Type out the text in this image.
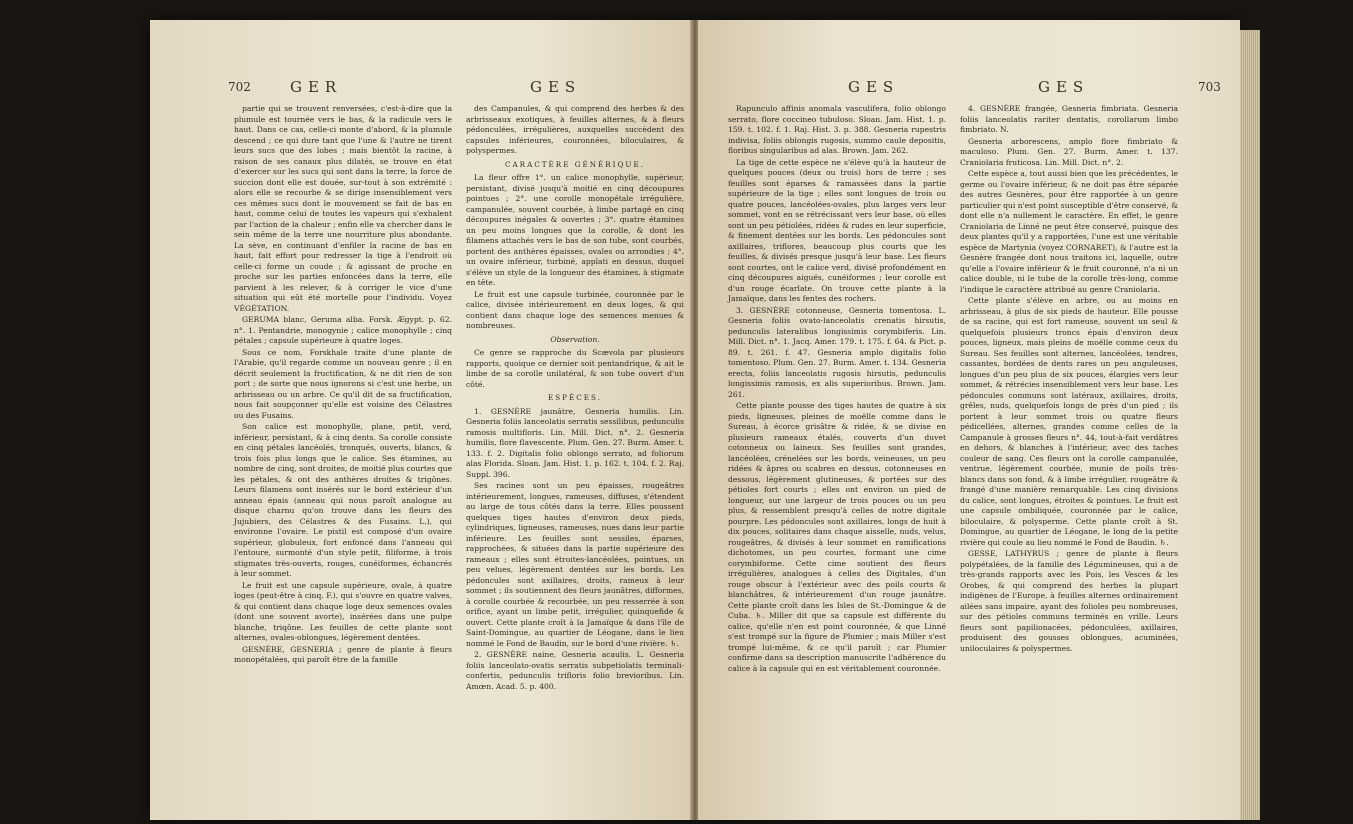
702	GER	GES

partie qui se trouvent renversées, c'est-à-dire que la plumule est tournée vers le bas, & la radicule vers le haut. Dans ce cas, celle-ci monte d'abord, & la plumule descend ; ce qui dure tant que l'une & l'autre ne tirent leurs sucs que des lobes ; mais bientôt la racine, à raison de ses canaux plus dilatés, se trouve en état d'exercer sur les sucs qui sont dans la terre, la force de succion dont elle est douée, sur-tout à son extrémité : alors elle se recourbe & se dirige insensiblement vers ces mêmes sucs dont le mouvement se fait de bas en haut, comme celui de toutes les vapeurs qui s'exhalent par l'action de la chaleur ; enfin elle va chercher dans le sein même de la terre une nourriture plus abondante. La sève, en continuant d'enfiler la racine de bas en haut, fait effort pour redresser la tige à l'endroit où celle-ci forme un coude ; & agissant de proche en proche sur les parties enfoncées dans la terre, elle parvient à les relever, & à corriger le vice d'une situation qui eût été mortelle pour l'individu. Voyez VÉGÉTATION.

GERUMA blanc, Geruma alba. Forsk. Ægypt. p. 62. n°. 1. Pentandrie, monogynie ; calice monophylle ; cinq pétales ; capsule supérieure à quatre loges.

Sous ce nom, Forskhale traite d'une plante de l'Arabie, qu'il regarde comme un nouveau genre ; il en décrit seulement la fructification, & ne dit rien de son port ; de sorte que nous ignorons si c'est une herbe, un arbrisseau ou un arbre. Ce qu'il dit de sa fructification, nous fait soupçonner qu'elle est voisine des Célastres ou des Fusains.

Son calice est monophylle, plane, petit, verd, inférieur, persistant, & à cinq dents. Sa corolle consiste en cinq pétales lancéolés, tronqués, ouverts, blancs, & trois fois plus longs que le calice. Ses étamines, au nombre de cinq, sont droites, de moitié plus courtes que les pétales, & ont des anthères droites & trigônes. Leurs filamens sont insérés sur le bord extérieur d'un anneau épais (anneau qui nous paroît analogue au disque charnu qu'on trouve dans les fleurs des Jujubiers, des Célastres & des Fusains. L.), qui environne l'ovaire. Le pistil est composé d'un ovaire supérieur, globuleux, fort enfoncé dans l'anneau qui l'entoure, surmonté d'un style petit, filiforme, à trois stigmates très-ouverts, rouges, cunéiformes, échancrés à leur sommet.

Le fruit est une capsule supérieure, ovale, à quatre loges (peut-être à cinq. F.), qui s'ouvre en quatre valves, & qui contient dans chaque loge deux semences ovales (dont une souvent avorte), insérées dans une pulpe blanche, triqône. Les feuilles de cette plante sont alternes, ovales-oblongues, légèrement dentées.

GESNÈRE, GESNERIA ; genre de plante à fleurs monopétalées, qui paroît être de la famille

des Campanules, & qui comprend des herbes & des arbrisseaux exotiques, à feuilles alternes, & à fleurs pédonculées, irrégulières, auxquelles succèdent des capsules inférieures, couronnées, biloculaires, & polyspermes.

CARACTÈRE GÉNÉRIQUE.

La fleur offre 1°. un calice monophylle, supérieur, persistant, divisé jusqu'à moitié en cinq découpures pointues ; 2°. une corolle monopétale irrégulière, campanulée, souvent courbée, à limbe partagé en cinq découpures inégales & ouvertes ; 3°. quatre étamines un peu moins longues que la corolle, & dont les filamens attachés vers le bas de son tube, sont courbés, portent des anthères épaisses, ovales ou arrondies ; 4°. un ovaire inférieur, turbiné, applati en dessus, duquel s'élève un style de la longueur des étamines, à stigmate en tête.

Le fruit est une capsule turbinée, couronnée par le calice, divisée intérieurement en deux loges, & qui contient dans chaque loge des semences menues & nombreuses.

Observation.

Ce genre se rapproche du Scævola par plusieurs rapports, quoique ce dernier soit pentandrique, & ait le limbe de sa corolle unilatéral, & son tube ouvert d'un côté.

ESPÈCES.

1. GESNÈRE jaunâtre, Gesneria humilis. Lin. Gesneria foliis lanceolatis serratis sessilibus, pedunculis ramosis multifloris. Lin. Mill. Dict. n°. 2. Gesneria humilis, flore flavescente. Plum. Gen. 27. Burm. Amer. t. 133. f. 2. Digitalis folio oblongo serrato, ad foliorum alas Florida. Sloan. Jam. Hist. 1. p. 162. t. 104. f. 2. Raj. Suppl. 396.

Ses racines sont un peu épaisses, rougeâtres intérieurement, longues, rameuses, diffuses, s'étendent au large de tous côtés dans la terre. Elles poussent quelques tiges hautes d'environ deux pieds, cylindriques, ligneuses, rameuses, nues dans leur partie inférieure. Les feuilles sont sessiles, éparses, rapprochées, & situées dans la partie supérieure des rameaux ; elles sont étroites-lancéolées, pointues, un peu velues, légèrement dentées sur les bords. Les pédoncules sont axillaires, droits, rameux à leur sommet ; ils soutiennent des fleurs jaunâtres, difformes, à corolle courbée & recourbée, un peu resserrée à son orifice, ayant un limbe petit, irrégulier, quinquefide & ouvert. Cette plante croît à la Jamaïque & dans l'île de Saint-Domingue, au quartier de Léogane, dans le lieu nommé le Fond de Baudin, sur le bord d'une rivière. ♄.

2. GESNÈRE naine, Gesneria acaulis. L. Gesneria foliis lanceolato-ovatis serratis subpetiolatis terminali-confertis, pedunculis trifloris folio brevioribus. Lin. Amœn. Acad. 5. p. 400.

GES	GES	703

Rapunculo affinis anomala vasculifera, folio oblongo serrato, flore coccineo tubuloso. Sloan. Jam. Hist. 1. p. 159. t. 102. f. 1. Raj. Hist. 3. p. 388. Gesneria rupestris indivisa, foliis oblongis rugosis, summo caule depositis, floribus singularibus ad alas. Brown. Jam. 262.

La tige de cette espèce ne s'élève qu'à la hauteur de quelques pouces (deux ou trois) hors de terre ; ses feuilles sont éparses & ramassées dans la partie supérieure de la tige ; elles sont longues de trois ou quatre pouces, lancéolées-ovales, plus larges vers leur sommet, vont en se rétrécissant vers leur base, où elles sont un peu pétiolées, ridées & rudes en leur superficie, & finement dentées sur les bords. Les pédoncules sont axillaires, triflores, beaucoup plus courts que les feuilles, & divisés presque jusqu'à leur base. Les fleurs sont courtes, ont le calice verd, divisé profondément en cinq découpures aiguës, cunéiformes ; leur corolle est d'un rouge écarlate. On trouve cette plante à la Jamaïque, dans les fentes des rochers.

3. GESNÈRE cotonneuse, Gesneria tomentosa. L. Gesneria foliis ovato-lanceolatis crenatis hirsutis, pedunculis lateralibus longissimis corymbiferis. Lin. Mill. Dict. n°. 1. Jacq. Amer. 179. t. 175. f. 64. & Pict. p. 89. t. 261. f. 47. Gesneria amplo digitalis folio tomentoso. Plum. Gen. 27. Burm. Amer. t. 134. Gesneria erecta, foliis lanceolatis rugosis hirsutis, pedunculis longissimis ramosis, ex alis superioribus. Brown. Jam. 261.

Cette plante pousse des tiges hautes de quatre à six pieds, ligneuses, pleines de moëlle comme dans le Sureau, à écorce grisâtre & ridée, & se divise en plusieurs rameaux étalés, couverts d'un duvet cotonneux ou laineux. Ses feuilles sont grandes, lancéolées, crénelées sur les bords, veineuses, un peu ridées & âpres ou scabres en dessus, cotonneuses en dessous, légèrement glutineuses, & portées sur des pétioles fort courts ; elles ont environ un pied de longueur, sur une largeur de trois pouces ou un peu plus, & ressemblent presqu'à celles de notre digitale pourpre. Les pédoncules sont axillaires, longs de huit à dix pouces, solitaires dans chaque aisselle, nuds, velus, rougeâtres, & divisés à leur sommet en ramifications dichotomes, un peu courtes, formant une cime corymbiforme. Cette cime soutient des fleurs irrégulières, analogues à celles des Digitales, d'un rouge obscur à l'extérieur avec des poils courts & blanchâtres, & intérieurement d'un rouge jaunâtre. Cette plante croît dans les Isles de St.-Domingue & de Cuba. ♄. Miller dit que sa capsule est différente du calice, qu'elle n'en est point couronnée, & que Linné s'est trompé sur la figure de Plumier ; mais Miller s'est trompé lui-même, & ce qu'il paroît ; car Plumier confirme dans sa description manuscrite l'adhérence du calice à la capsule qui en est véritablement couronnée.

4. GESNÈRE frangée, Gesneria fimbriata. Gesneria foliis lanceolatis rariter dentatis, corollarum limbo fimbriato. N.

Gesneria arborescens, amplo flore fimbriato & maculoso. Plum. Gen. 27. Burm. Amer. t. 137. Craniolaria fruticosa. Lin. Mill. Dict. n°. 2.

Cette espèce a, tout aussi bien que les précédentes, le germe ou l'ovaire inférieur, & ne doit pas être séparée des autres Gesnères, pour être rapportée à un genre particulier qui n'est point susceptible d'être conservé, & dont elle n'a nullement le caractère. En effet, le genre Craniolaria de Linné ne peut être conservé, puisque des deux plantes qu'il y a rapportées, l'une est une véritable espèce de Martynia (voyez CORNARET), & l'autre est la Gesnère frangée dont nous traitons ici, laquelle, outre qu'elle a l'ovaire inférieur & le fruit couronné, n'a ni un calice double, ni le tube de la corolle très-long, comme l'indique le caractère attribué au genre Craniolaria.

Cette plante s'élève en arbre, ou au moins en arbrisseau, à plus de six pieds de hauteur. Elle pousse de sa racine, qui est fort rameuse, souvent un seul & quelquefois plusieurs troncs épais d'environ deux pouces, ligneux, mais pleins de moëlle comme ceux du Sureau. Ses feuilles sont alternes, lancéolées, tendres, cassantes, bordées de dents rares un peu anguleuses, longues d'un peu plus de six pouces, élargies vers leur sommet, & rétrécies insensiblement vers leur base. Les pédoncules communs sont latéraux, axillaires, droits, grêles, nuds, quelquefois longs de près d'un pied ; ils portent à leur sommet trois ou quatre fleurs pédicellées, alternes, grandes comme celles de la Campanule à grosses fleurs n°. 44, tout-à-fait verdâtres en dehors, & blanches à l'intérieur, avec des taches couleur de sang. Ces fleurs ont la corolle campanulée, ventrue, légèrement courbée, munie de poils très-blancs dans son fond, & à limbe irrégulier, rougeâtre & frangé d'une manière remarquable. Les cinq divisions du calice, sont longues, étroites & pointues. Le fruit est une capsule ombiliquée, couronnée par le calice, biloculaire, & polysperme. Cette plante croît à St. Domingue, au quartier de Léogane, le long de la petite rivière qui coule au lieu nommé le Fond de Baudin. ♄.

GESSE, LATHYRUS ; genre de plante à fleurs polypétalées, de la famille des Légumineuses, qui a de très-grands rapports avec les Pois, les Vesces & les Orobes, & qui comprend des herbes la plupart indigènes de l'Europe, à feuilles alternes ordinairement ailées sans impaire, ayant des folioles peu nombreuses, sur des pétioles communs terminés en vrille. Leurs fleurs sont papilionacées, pédonculées, axillaires, produisent des gousses oblongues, acuminées, uniloculaires & polyspermes.
